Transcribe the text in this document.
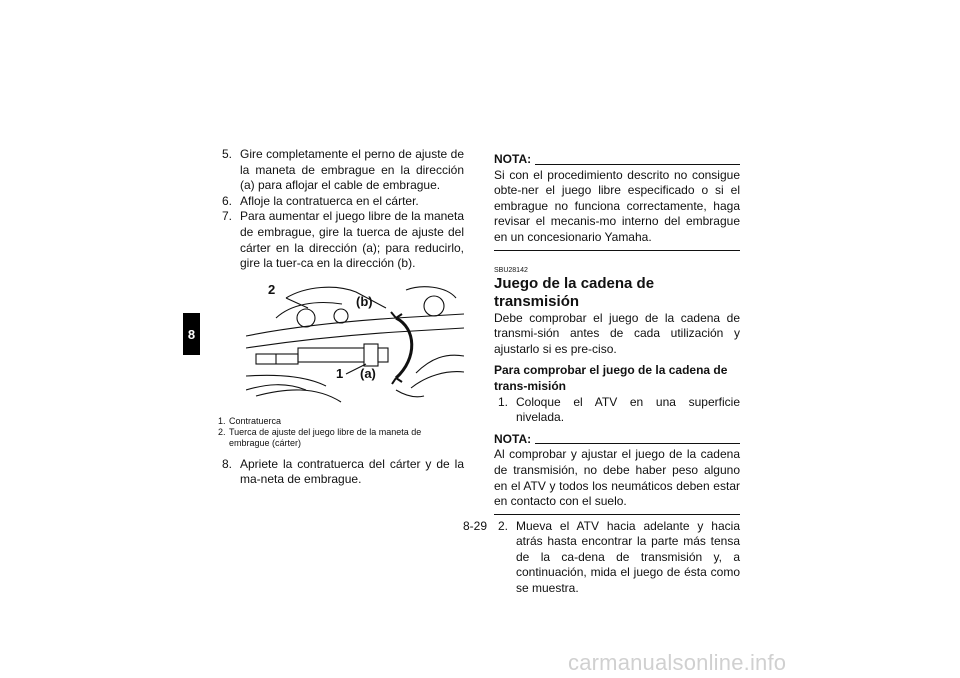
8
5. Gire completamente el perno de ajuste de la maneta de embrague en la dirección (a) para aflojar el cable de embrague.
6. Afloje la contratuerca en el cárter.
7. Para aumentar el juego libre de la maneta de embrague, gire la tuerca de ajuste del cárter en la dirección (a); para reducirlo, gire la tuer-ca en la dirección (b).
2
1
(b)
(a)
1. Contratuerca
2. Tuerca de ajuste del juego libre de la maneta de embrague (cárter)
8. Apriete la contratuerca del cárter y de la ma-neta de embrague.
NOTA:
Si con el procedimiento descrito no consigue obte-ner el juego libre especificado o si el embrague no funciona correctamente, haga revisar el mecanis-mo interno del embrague en un concesionario Yamaha.
SBU28142
Juego de la cadena de transmisión
Debe comprobar el juego de la cadena de transmi-sión antes de cada utilización y ajustarlo si es pre-ciso.
Para comprobar el juego de la cadena de trans-misión
1. Coloque el ATV en una superficie nivelada.
NOTA:
Al comprobar y ajustar el juego de la cadena de transmisión, no debe haber peso alguno en el ATV y todos los neumáticos deben estar en contacto con el suelo.
2. Mueva el ATV hacia adelante y hacia atrás hasta encontrar la parte más tensa de la ca-dena de transmisión y, a continuación, mida el juego de ésta como se muestra.
8-29
carmanualsonline.info
